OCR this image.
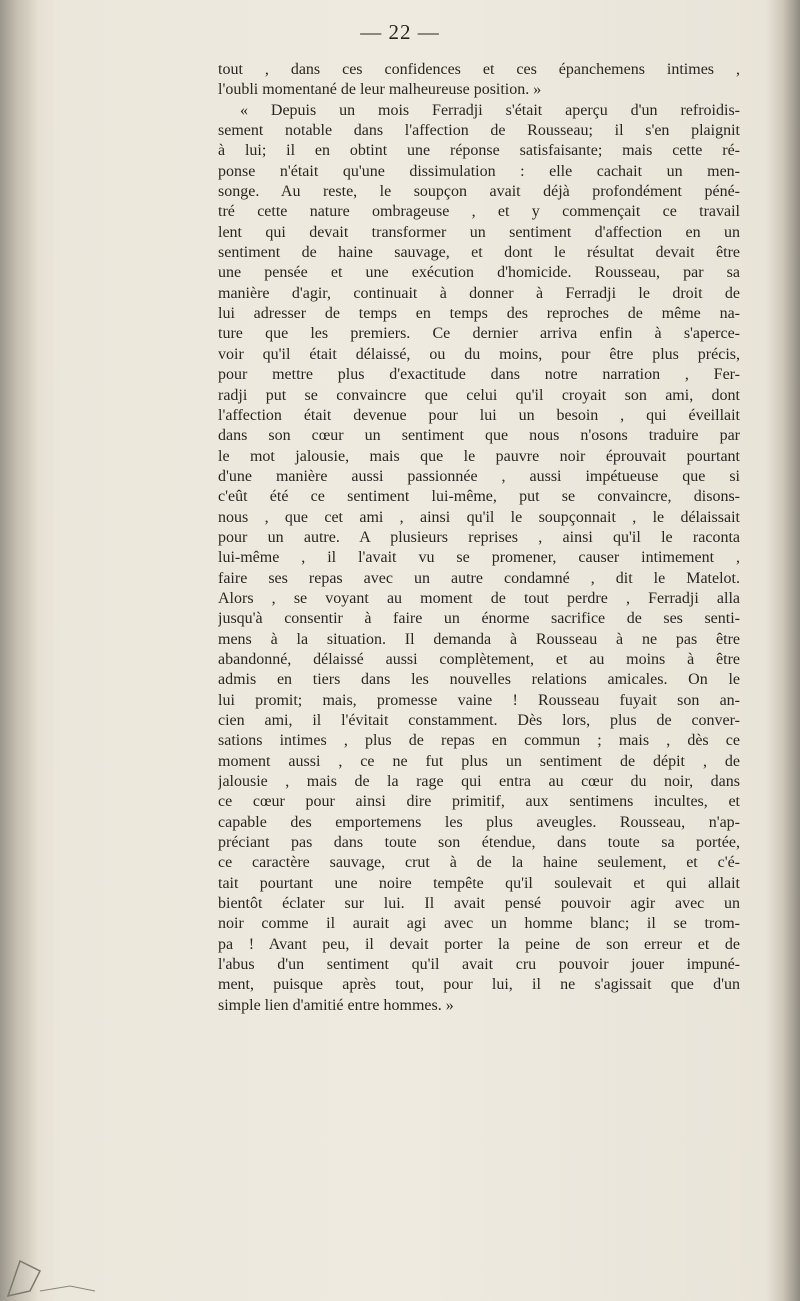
— 22 —
tout , dans ces confidences et ces épanchemens intimes ,
l'oubli momentané de leur malheureuse position. »
« Depuis un mois Ferradji s'était aperçu d'un refroidis-
sement notable dans l'affection de Rousseau; il s'en plaignit
à lui; il en obtint une réponse satisfaisante; mais cette ré-
ponse n'était qu'une dissimulation : elle cachait un men-
songe. Au reste, le soupçon avait déjà profondément péné-
tré cette nature ombrageuse , et y commençait ce travail
lent qui devait transformer un sentiment d'affection en un
sentiment de haine sauvage, et dont le résultat devait être
une pensée et une exécution d'homicide. Rousseau, par sa
manière d'agir, continuait à donner à Ferradji le droit de
lui adresser de temps en temps des reproches de même na-
ture que les premiers. Ce dernier arriva enfin à s'aperce-
voir qu'il était délaissé, ou du moins, pour être plus précis,
pour mettre plus d'exactitude dans notre narration , Fer-
radji put se convaincre que celui qu'il croyait son ami, dont
l'affection était devenue pour lui un besoin , qui éveillait
dans son cœur un sentiment que nous n'osons traduire par
le mot jalousie, mais que le pauvre noir éprouvait pourtant
d'une manière aussi passionnée , aussi impétueuse que si
c'eût été ce sentiment lui-même, put se convaincre, disons-
nous , que cet ami , ainsi qu'il le soupçonnait , le délaissait
pour un autre. A plusieurs reprises , ainsi qu'il le raconta
lui-même , il l'avait vu se promener, causer intimement ,
faire ses repas avec un autre condamné , dit le Matelot.
Alors , se voyant au moment de tout perdre , Ferradji alla
jusqu'à consentir à faire un énorme sacrifice de ses senti-
mens à la situation. Il demanda à Rousseau à ne pas être
abandonné, délaissé aussi complètement, et au moins à être
admis en tiers dans les nouvelles relations amicales. On le
lui promit; mais, promesse vaine ! Rousseau fuyait son an-
cien ami, il l'évitait constamment. Dès lors, plus de conver-
sations intimes , plus de repas en commun ; mais , dès ce
moment aussi , ce ne fut plus un sentiment de dépit , de
jalousie , mais de la rage qui entra au cœur du noir, dans
ce cœur pour ainsi dire primitif, aux sentimens incultes, et
capable des emportemens les plus aveugles. Rousseau, n'ap-
préciant pas dans toute son étendue, dans toute sa portée,
ce caractère sauvage, crut à de la haine seulement, et c'é-
tait pourtant une noire tempête qu'il soulevait et qui allait
bientôt éclater sur lui. Il avait pensé pouvoir agir avec un
noir comme il aurait agi avec un homme blanc; il se trom-
pa ! Avant peu, il devait porter la peine de son erreur et de
l'abus d'un sentiment qu'il avait cru pouvoir jouer impuné-
ment, puisque après tout, pour lui, il ne s'agissait que d'un
simple lien d'amitié entre hommes. »
